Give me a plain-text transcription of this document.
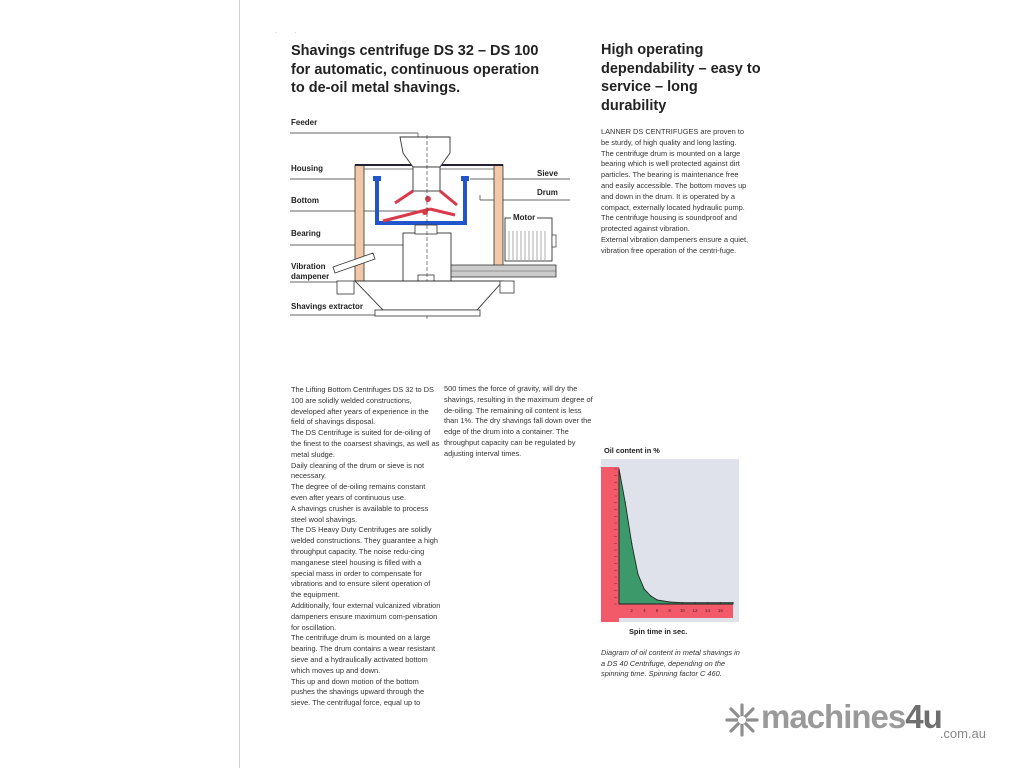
· ·
Shavings centrifuge DS 32 – DS 100 for automatic, continuous operation to de-oil metal shavings.
Feeder
Housing
Bottom
Bearing
Vibration
dampener
Shavings extractor
Sieve
Drum
Motor
High operating dependability – easy to service – long durability
LANNER DS CENTRIFUGES are proven to be sturdy, of high quality and long lasting. The centrifuge drum is mounted on a large bearing which is well protected against dirt particles. The bearing is maintenance free and easily accessible. The bottom moves up and down in the drum. It is operated by a compact, externally located hydraulic pump. The centrifuge housing is soundproof and protected against vibration.
External vibration dampeners ensure a quiet, vibration free operation of the centri-fuge.
The Lifting Bottom Centrifuges DS 32 to DS 100 are solidly welded constructions, developed after years of experience in the field of shavings disposal.
The DS Centrifuge is suited for de-oiling of the finest to the coarsest shavings, as well as metal sludge.
Daily cleaning of the drum or sieve is not necessary.
The degree of de-oiling remains constant even after years of continuous use.
A shavings crusher is available to process steel wool shavings.
The DS Heavy Duty Centrifuges are solidly welded constructions. They guarantee a high throughput capacity. The noise redu-cing manganese steel housing is filled with a special mass in order to compensate for vibrations and to ensure silent operation of the equipment.
Additionally, four external vulcanized vibration dampeners ensure maximum com-pensation for oscillation.
The centrifuge drum is mounted on a large bearing. The drum contains a wear resistant sieve and a hydraulically activated bottom which moves up and down.
This up and down motion of the bottom pushes the shavings upward through the sieve. The centrifugal force, equal up to
500 times the force of gravity, will dry the shavings, resulting in the maximum degree of de-oiling. The remaining oil content is less than 1%. The dry shavings fall down over the edge of the drum into a container. The throughput capacity can be regulated by adjusting interval times.	Oil content in %
2 4 6 8 10 12 14 16
Spin time in sec.
Diagram of oil content in metal shavings in a DS 40 Centrifuge, depending on the spinning time. Spinning factor C 460.
machines4u
.com.au
